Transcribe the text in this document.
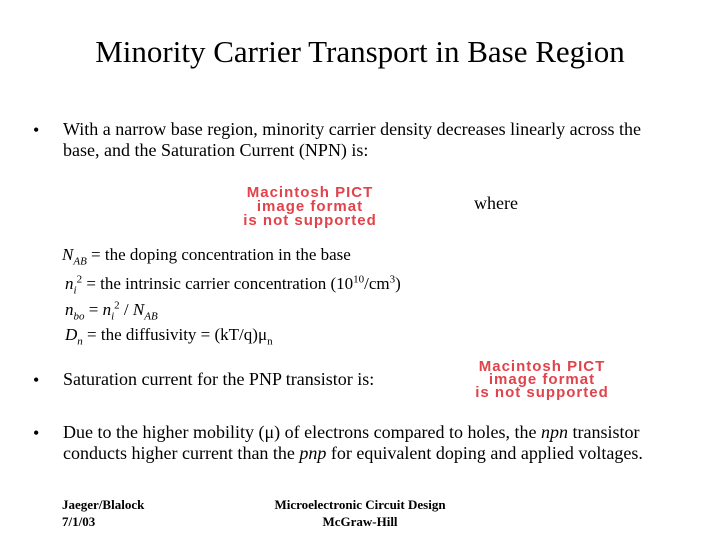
Minority Carrier Transport in Base Region
• With a narrow base region, minority carrier density decreases linearly across the base, and the Saturation Current (NPN) is:
Macintosh PICT
image format
is not supported
where
$N_{AB}$ = the doping concentration in the base
$n_i^2$ = the intrinsic carrier concentration $(10^{10}/cm^3)$
$n_{bo} = n_i^2 / N_{AB}$
$D_n$ = the diffusivity = $(kT/q)\mu_n$
• Saturation current for the PNP transistor is:
Macintosh PICT
image format
is not supported
• Due to the higher mobility (μ) of electrons compared to holes, the npn transistor conducts higher current than the pnp for equivalent doping and applied voltages.
Jaeger/Blalock
7/1/03
Microelectronic Circuit Design
McGraw-Hill
